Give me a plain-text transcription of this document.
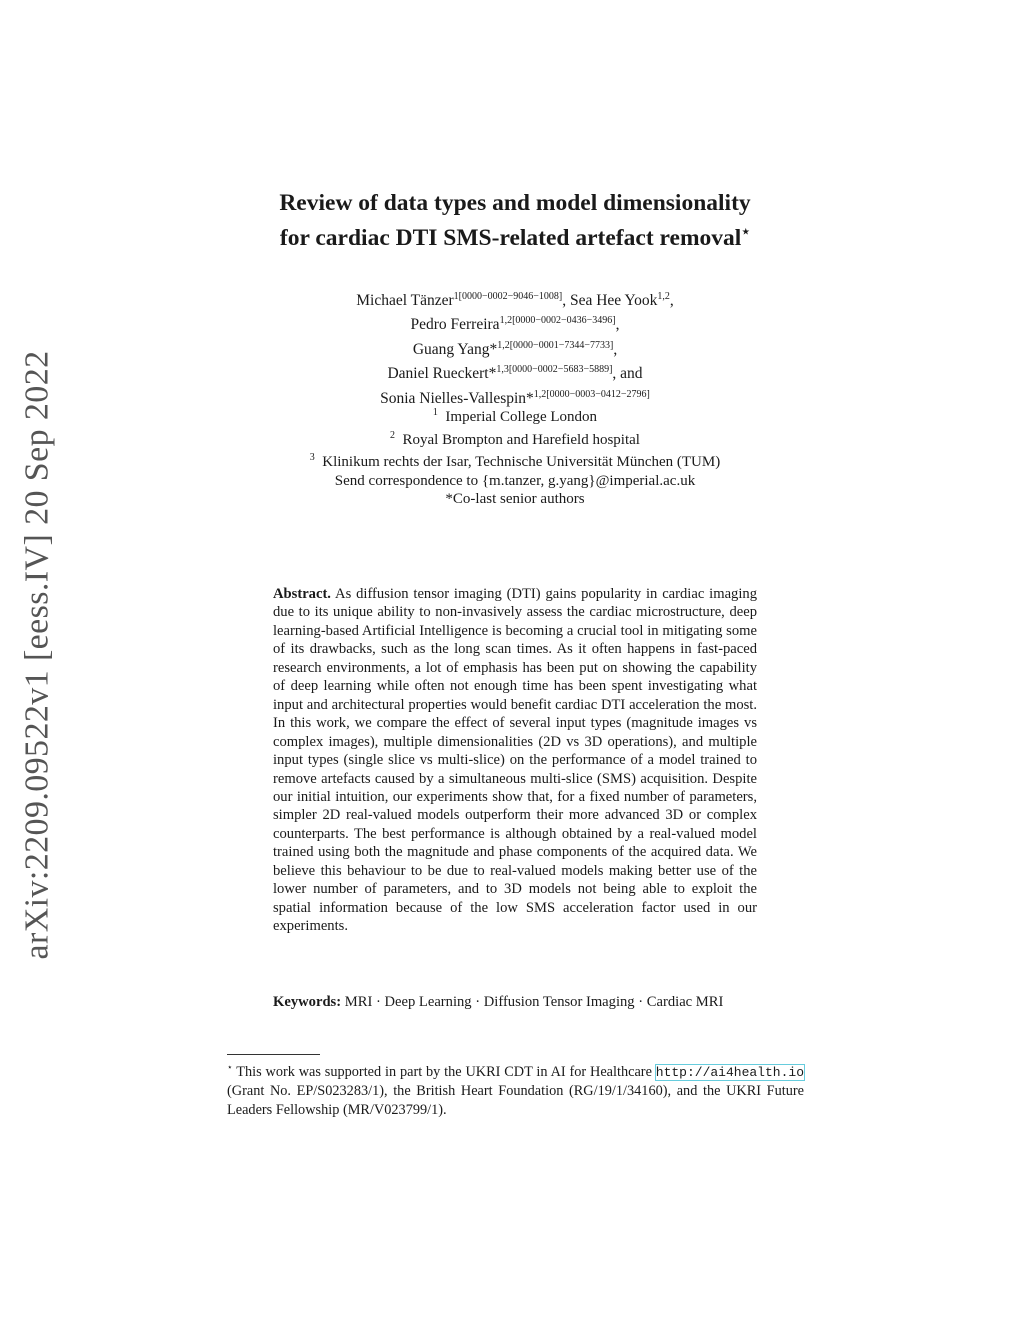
arXiv:2209.09522v1 [eess.IV] 20 Sep 2022
Review of data types and model dimensionality
for cardiac DTI SMS-related artefact removal⋆
Michael Tänzer$^{1[0000-0002-9046-1008]}$, Sea Hee Yook$^{1,2}$,
Pedro Ferreira$^{1,2[0000-0002-0436-3496]}$,
Guang Yang*$^{1,2[0000-0001-7344-7733]}$,
Daniel Rueckert*$^{1,3[0000-0002-5683-5889]}$, and
Sonia Nielles-Vallespin*$^{1,2[0000-0003-0412-2796]}$
$^1$ Imperial College London
$^2$ Royal Brompton and Harefield hospital
$^3$ Klinikum rechts der Isar, Technische Universität München (TUM)
Send correspondence to {m.tanzer, g.yang}@imperial.ac.uk
*Co-last senior authors

Abstract. As diffusion tensor imaging (DTI) gains popularity in cardiac imaging due to its unique ability to non-invasively assess the cardiac microstructure, deep learning-based Artificial Intelligence is becoming a crucial tool in mitigating some of its drawbacks, such as the long scan times. As it often happens in fast-paced research environments, a lot of emphasis has been put on showing the capability of deep learning while often not enough time has been spent investigating what input and architectural properties would benefit cardiac DTI acceleration the most. In this work, we compare the effect of several input types (magnitude images vs complex images), multiple dimensionalities (2D vs 3D operations), and multiple input types (single slice vs multi-slice) on the performance of a model trained to remove artefacts caused by a simultaneous multi-slice (SMS) acquisition. Despite our initial intuition, our experiments show that, for a fixed number of parameters, simpler 2D real-valued models outperform their more advanced 3D or complex counterparts. The best performance is although obtained by a real-valued model trained using both the magnitude and phase components of the acquired data. We believe this behaviour to be due to real-valued models making better use of the lower number of parameters, and to 3D models not being able to exploit the spatial information because of the low SMS acceleration factor used in our experiments.

Keywords: MRI · Deep Learning · Diffusion Tensor Imaging · Cardiac MRI

⋆ This work was supported in part by the UKRI CDT in AI for Healthcare http://ai4health.io (Grant No. EP/S023283/1), the British Heart Foundation (RG/19/1/34160), and the UKRI Future Leaders Fellowship (MR/V023799/1).
